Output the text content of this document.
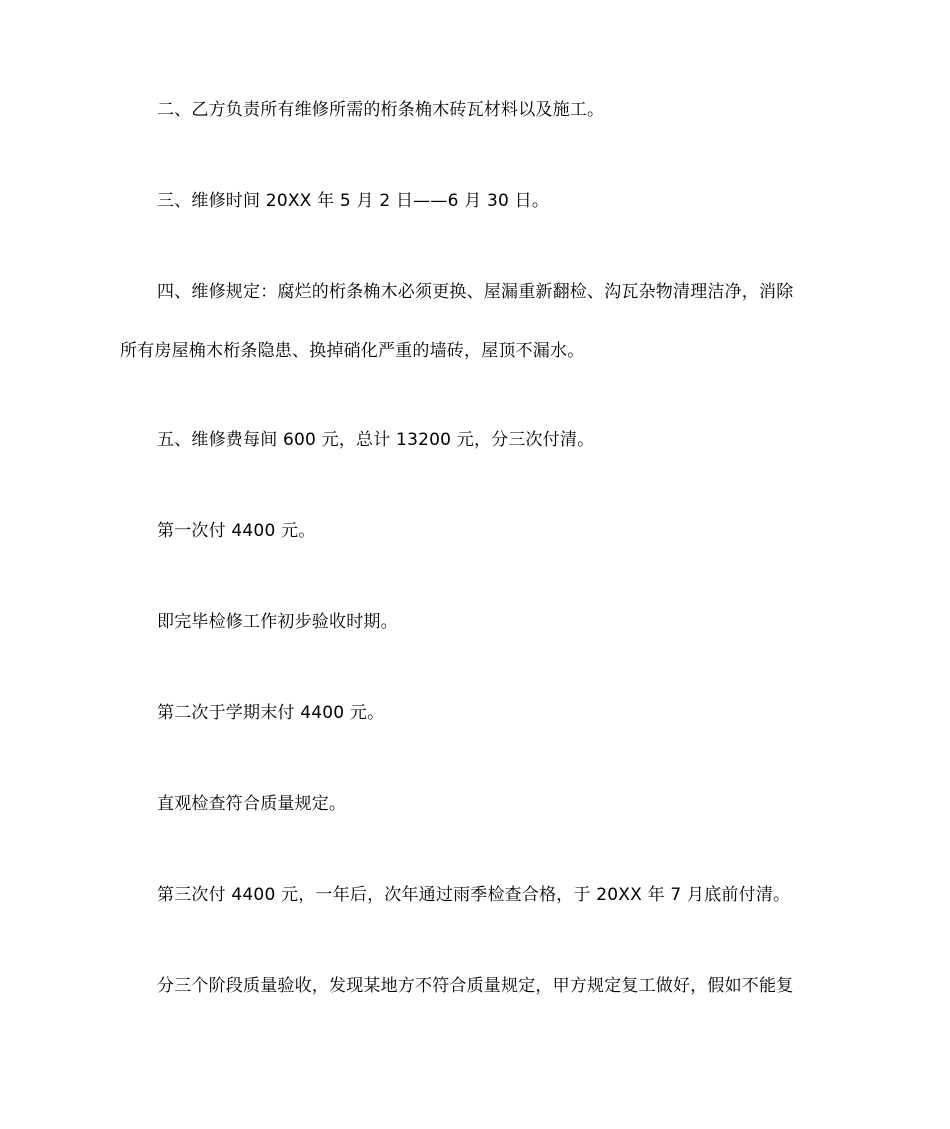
二、乙方负责所有维修所需的桁条桷木砖瓦材料以及施工。
三、维修时间 20XX 年 5 月 2 日——6 月 30 日。
四、维修规定：腐烂的桁条桷木必须更换、屋漏重新翻检、沟瓦杂物清理洁净，消除
所有房屋桷木桁条隐患、换掉硝化严重的墙砖，屋顶不漏水。
五、维修费每间 600 元，总计 13200 元，分三次付清。
第一次付 4400 元。
即完毕检修工作初步验收时期。
第二次于学期末付 4400 元。
直观检查符合质量规定。
第三次付 4400 元，一年后，次年通过雨季检查合格，于 20XX 年 7 月底前付清。
分三个阶段质量验收，发现某地方不符合质量规定，甲方规定复工做好，假如不能复
